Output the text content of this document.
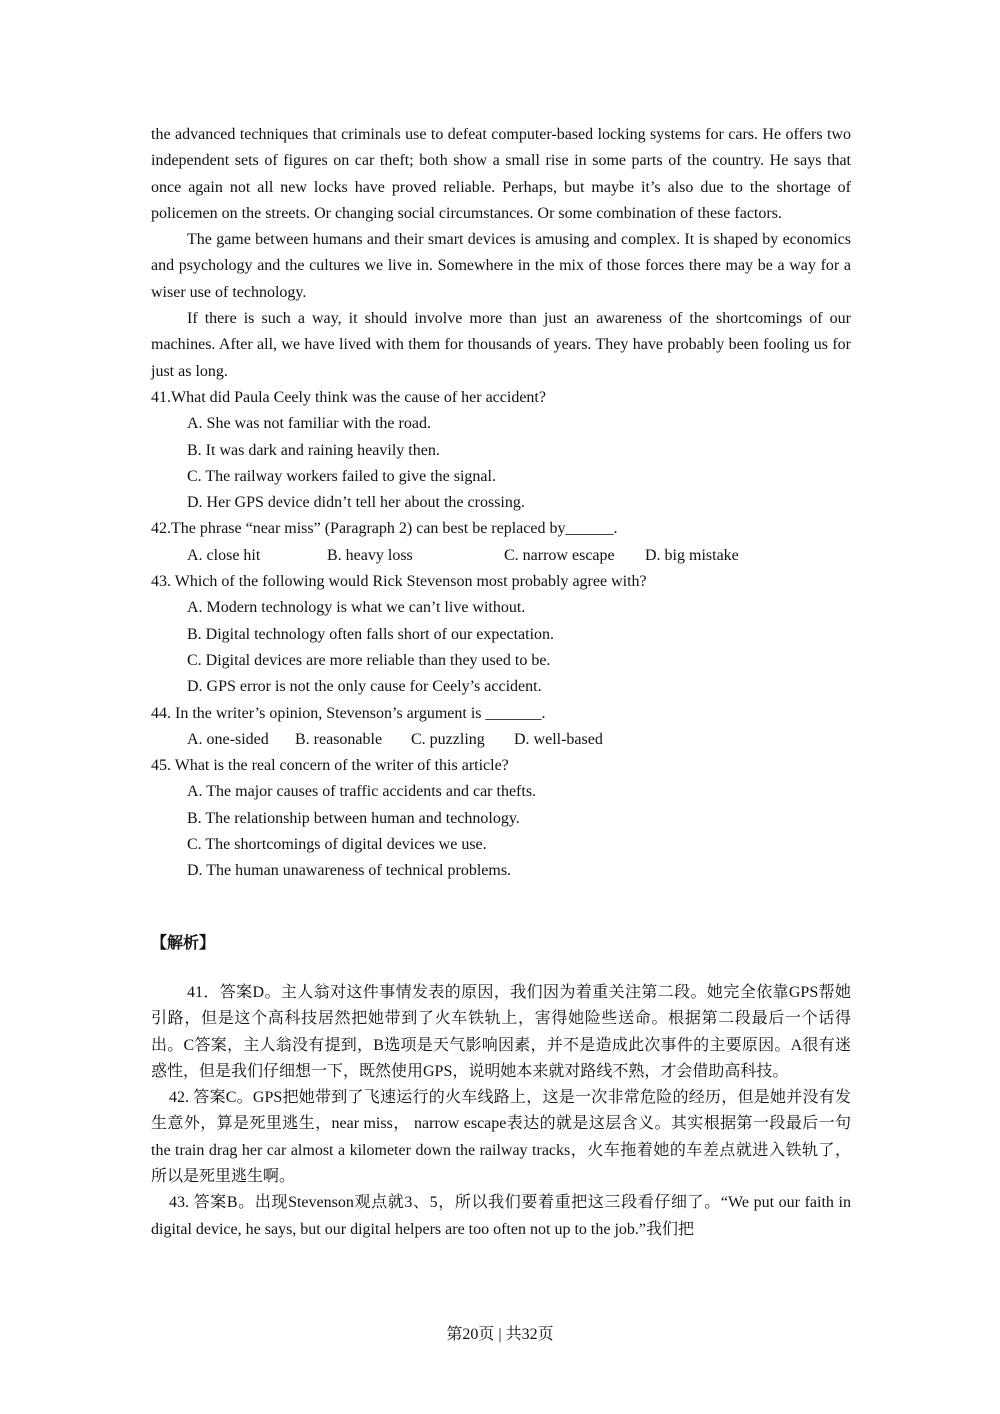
the advanced techniques that criminals use to defeat computer-based locking systems for cars. He offers two independent sets of figures on car theft; both show a small rise in some parts of the country. He says that once again not all new locks have proved reliable. Perhaps, but maybe it’s also due to the shortage of policemen on the streets. Or changing social circumstances. Or some combination of these factors.

The game between humans and their smart devices is amusing and complex. It is shaped by economics and psychology and the cultures we live in. Somewhere in the mix of those forces there may be a way for a wiser use of technology.

If there is such a way, it should involve more than just an awareness of the shortcomings of our machines. After all, we have lived with them for thousands of years. They have probably been fooling us for just as long.

41.What did Paula Ceely think was the cause of her accident?

A. She was not familiar with the road.

B. It was dark and raining heavily then.

C. The railway workers failed to give the signal.

D. Her GPS device didn’t tell her about the crossing.

42.The phrase “near miss” (Paragraph 2) can best be replaced by______.

A. close hit	B. heavy loss	C. narrow escape	D. big mistake

43. Which of the following would Rick Stevenson most probably agree with?

A. Modern technology is what we can’t live without.

B. Digital technology often falls short of our expectation.

C. Digital devices are more reliable than they used to be.

D. GPS error is not the only cause for Ceely’s accident.

44. In the writer’s opinion, Stevenson’s argument is _______.

A. one-sided	B. reasonable	C. puzzling	D. well-based

45. What is the real concern of the writer of this article?

A. The major causes of traffic accidents and car thefts.

B. The relationship between human and technology.

C. The shortcomings of digital devices we use.

D. The human unawareness of technical problems.

【解析】

41．答案D。主人翁对这件事情发表的原因，我们因为着重关注第二段。她完全依靠GPS帮她引路，但是这个高科技居然把她带到了火车铁轨上，害得她险些送命。根据第二段最后一个话得出。C答案，主人翁没有提到，B选项是天气影响因素，并不是造成此次事件的主要原因。A很有迷惑性，但是我们仔细想一下，既然使用GPS，说明她本来就对路线不熟，才会借助高科技。

42. 答案C。GPS把她带到了飞速运行的火车线路上，这是一次非常危险的经历，但是她并没有发生意外，算是死里逃生，near miss， narrow escape表达的就是这层含义。其实根据第一段最后一句 the train drag her car almost a kilometer down the railway tracks，火车拖着她的车差点就进入铁轨了，所以是死里逃生啊。

43. 答案B。出现Stevenson观点就3、5，所以我们要着重把这三段看仔细了。“We put our faith in digital device, he says, but our digital helpers are too often not up to the job.”我们把

第20页 | 共32页
